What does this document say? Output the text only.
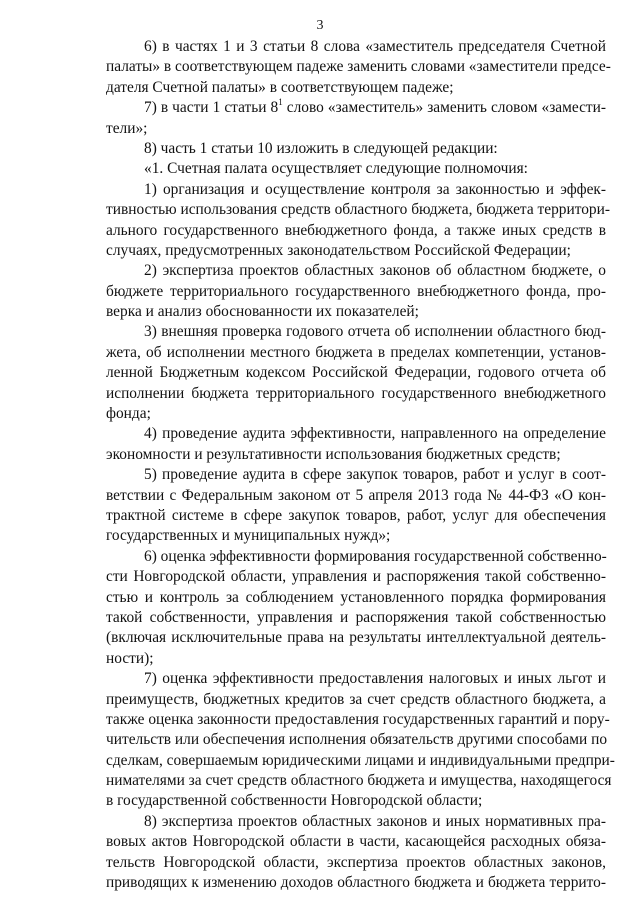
3
6) в частях 1 и 3 статьи 8 слова «заместитель председателя Счетной
палаты» в соответствующем падеже заменить словами «заместители предсе-
дателя Счетной палаты» в соответствующем падеже;
7) в части 1 статьи $8^1$ слово «заместитель» заменить словом «замести-
тели»;
8) часть 1 статьи 10 изложить в следующей редакции:
«1. Счетная палата осуществляет следующие полномочия:
1) организация и осуществление контроля за законностью и эффек-
тивностью использования средств областного бюджета, бюджета территори-
ального государственного внебюджетного фонда, а также иных средств в
случаях, предусмотренных законодательством Российской Федерации;
2) экспертиза проектов областных законов об областном бюджете, о
бюджете территориального государственного внебюджетного фонда, про-
верка и анализ обоснованности их показателей;
3) внешняя проверка годового отчета об исполнении областного бюд-
жета, об исполнении местного бюджета в пределах компетенции, установ-
ленной Бюджетным кодексом Российской Федерации, годового отчета об
исполнении бюджета территориального государственного внебюджетного
фонда;
4) проведение аудита эффективности, направленного на определение
экономности и результативности использования бюджетных средств;
5) проведение аудита в сфере закупок товаров, работ и услуг в соот-
ветствии с Федеральным законом от 5 апреля 2013 года № 44-ФЗ «О кон-
трактной системе в сфере закупок товаров, работ, услуг для обеспечения
государственных и муниципальных нужд»;
6) оценка эффективности формирования государственной собственно-
сти Новгородской области, управления и распоряжения такой собственно-
стью и контроль за соблюдением установленного порядка формирования
такой собственности, управления и распоряжения такой собственностью
(включая исключительные права на результаты интеллектуальной деятель-
ности);
7) оценка эффективности предоставления налоговых и иных льгот и
преимуществ, бюджетных кредитов за счет средств областного бюджета, а
также оценка законности предоставления государственных гарантий и пору-
чительств или обеспечения исполнения обязательств другими способами по
сделкам, совершаемым юридическими лицами и индивидуальными предпри-
нимателями за счет средств областного бюджета и имущества, находящегося
в государственной собственности Новгородской области;
8) экспертиза проектов областных законов и иных нормативных пра-
вовых актов Новгородской области в части, касающейся расходных обяза-
тельств Новгородской области, экспертиза проектов областных законов,
приводящих к изменению доходов областного бюджета и бюджета террито-
